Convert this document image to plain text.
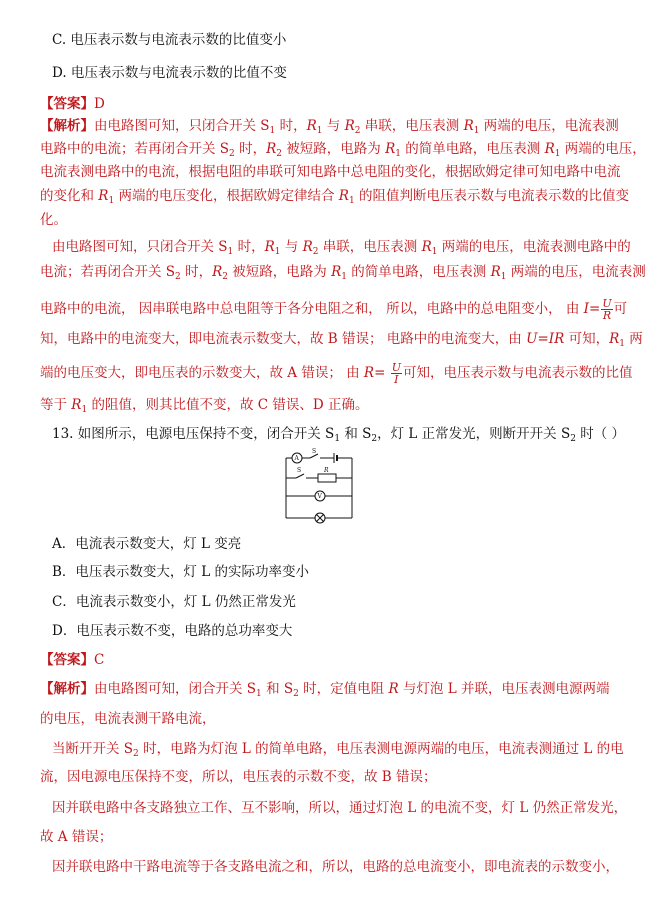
C. 电压表示数与电流表示数的比值变小
D. 电压表示数与电流表示数的比值不变
【答案】D
【解析】由电路图可知，只闭合开关 $S_1$ 时，$R_1$ 与 $R_2$ 串联，电压表测 $R_1$ 两端的电压，电流表测
电路中的电流；若再闭合开关 $S_2$ 时，$R_2$ 被短路，电路为 $R_1$ 的简单电路，电压表测 $R_1$ 两端的电压，
电流表测电路中的电流，根据电阻的串联可知电路中总电阻的变化，根据欧姆定律可知电路中电流
的变化和 $R_1$ 两端的电压变化，根据欧姆定律结合 $R_1$ 的阻值判断电压表示数与电流表示数的比值变
化。
由电路图可知，只闭合开关 $S_1$ 时，$R_1$ 与 $R_2$ 串联，电压表测 $R_1$ 两端的电压，电流表测电路中的
电流；若再闭合开关 $S_2$ 时，$R_2$ 被短路，电路为 $R_1$ 的简单电路，电压表测 $R_1$ 两端的电压，电流表测
电路中的电流， 因串联电路中总电阻等于各分电阻之和， 所以，电路中的总电阻变小， 由 $I= \frac{U}{R}$ 可
知，电路中的电流变大，即电流表示数变大，故 B 错误； 电路中的电流变大，由 U=IR 可知，$R_1$ 两
端的电压变大，即电压表的示数变大，故 A 错误； 由 $R= \frac{U}{I}$ 可知，电压表示数与电流表示数的比值
等于 $R_1$ 的阻值，则其比值不变，故 C 错误、D 正确。
13. 如图所示，电源电压保持不变，闭合开关 $S_1$ 和 $S_2$，灯 L 正常发光，则断开开关 $S_2$ 时（ ）
A
V
S
S	R
A．电流表示数变大，灯 L 变亮
B．电压表示数变大，灯 L 的实际功率变小
C．电流表示数变小，灯 L 仍然正常发光
D．电压表示数不变，电路的总功率变大
【答案】C
【解析】由电路图可知，闭合开关 $S_1$ 和 $S_2$ 时，定值电阻 R 与灯泡 L 并联，电压表测电源两端
的电压，电流表测干路电流，
当断开开关 $S_2$ 时，电路为灯泡 L 的简单电路，电压表测电源两端的电压，电流表测通过 L 的电
流，因电源电压保持不变，所以，电压表的示数不变，故 B 错误；
因并联电路中各支路独立工作、互不影响，所以，通过灯泡 L 的电流不变，灯 L 仍然正常发光，
故 A 错误；
因并联电路中干路电流等于各支路电流之和，所以，电路的总电流变小，即电流表的示数变小，
